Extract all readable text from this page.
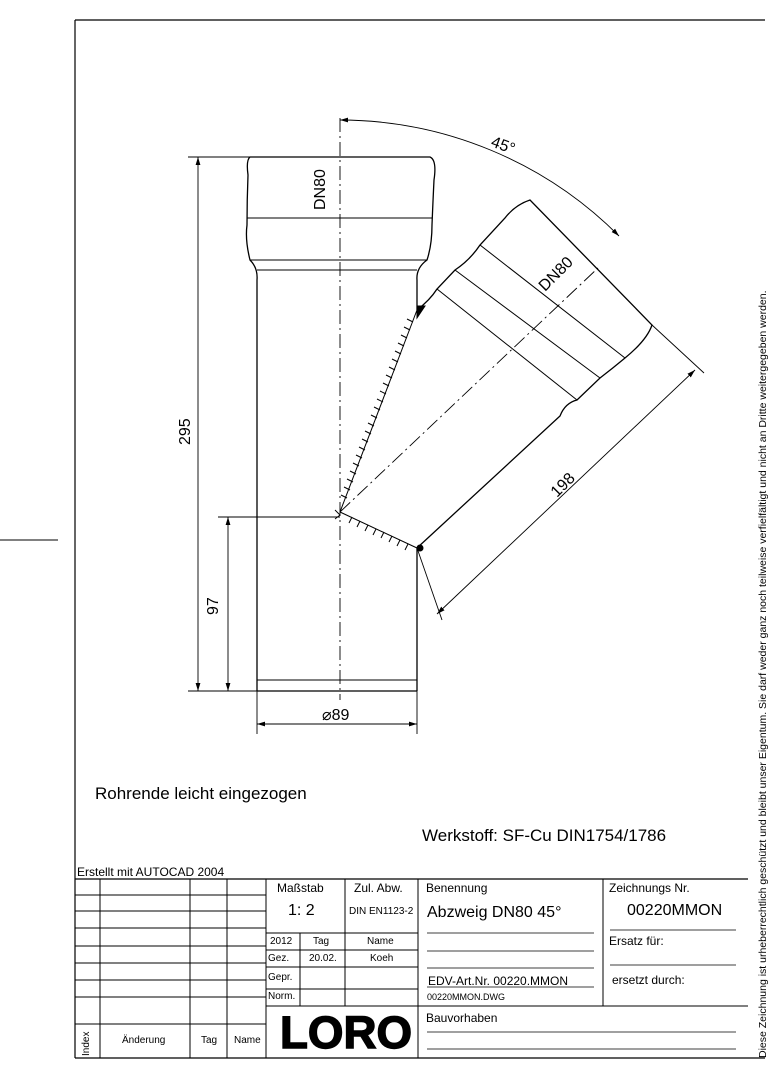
45°
DN80
DN80
295
97
198
⌀89
LORO
Rohrende leicht eingezogen
Werkstoff: SF-Cu DIN1754/1786
Erstellt mit AUTOCAD 2004
Maßstab
1: 2
Zul. Abw.
DIN EN1123-2
Benennung
Abzweig DN80 45°
Zeichnungs Nr.
00220MMON
2012 Tag	Name
Gez. 20.02.	Koeh
Gepr.
Norm.
Ersatz für:
ersetzt durch:
EDV-Art.Nr. 00220.MMON
00220MMON.DWG
Bauvorhaben
Index	Änderung	Tag Name	Diese Zeichnung ist urheberrechtlich geschützt und bleibt unser Eigentum. Sie darf weder ganz noch teilweise verfielfältigt und nicht an Dritte weitergegeben werden.
